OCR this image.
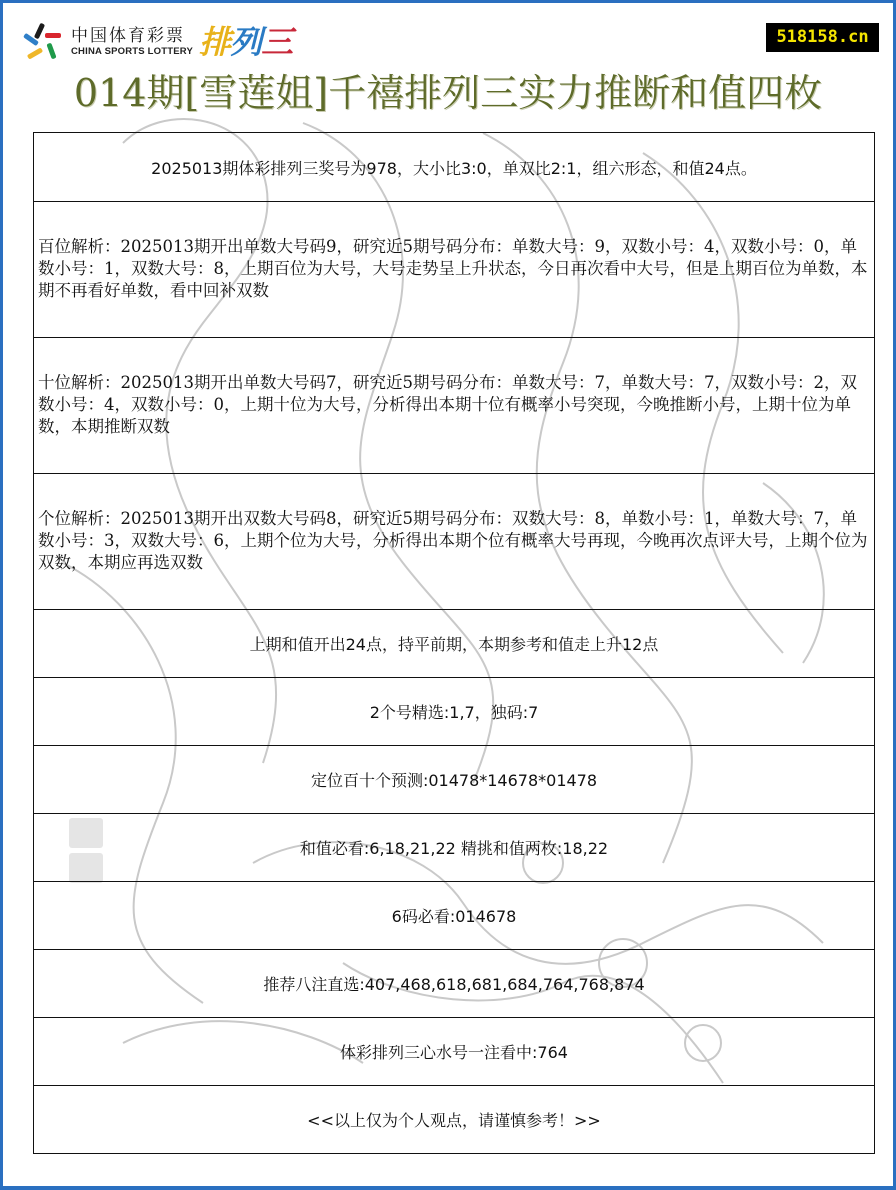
中国体育彩票
CHINA SPORTS LOTTERY 排 列 三	518158.cn
014期[雪莲姐]千禧排列三实力推断和值四枚
2025013期体彩排列三奖号为978，大小比3:0，单双比2:1，组六形态，和值24点。
百位解析：2025013期开出单数大号码9，研究近5期号码分布：单数大号：9，双数小号：4，双数小号：0，单数小号：1，双数大号：8，上期百位为大号，大号走势呈上升状态，今日再次看中大号，但是上期百位为单数，本期不再看好单数，看中回补双数
十位解析：2025013期开出单数大号码7，研究近5期号码分布：单数大号：7，单数大号：7，双数小号：2，双数小号：4，双数小号：0，上期十位为大号，分析得出本期十位有概率小号突现，今晚推断小号，上期十位为单数，本期推断双数
个位解析：2025013期开出双数大号码8，研究近5期号码分布：双数大号：8，单数小号：1，单数大号：7，单数小号：3，双数大号：6，上期个位为大号，分析得出本期个位有概率大号再现，今晚再次点评大号，上期个位为双数，本期应再选双数
上期和值开出24点，持平前期，本期参考和值走上升12点
2个号精选:1,7，独码:7
定位百十个预测:01478*14678*01478
和值必看:6,18,21,22 精挑和值两枚:18,22
6码必看:014678
推荐八注直选:407,468,618,681,684,764,768,874
体彩排列三心水号一注看中:764
<<以上仅为个人观点，请谨慎参考！>>
